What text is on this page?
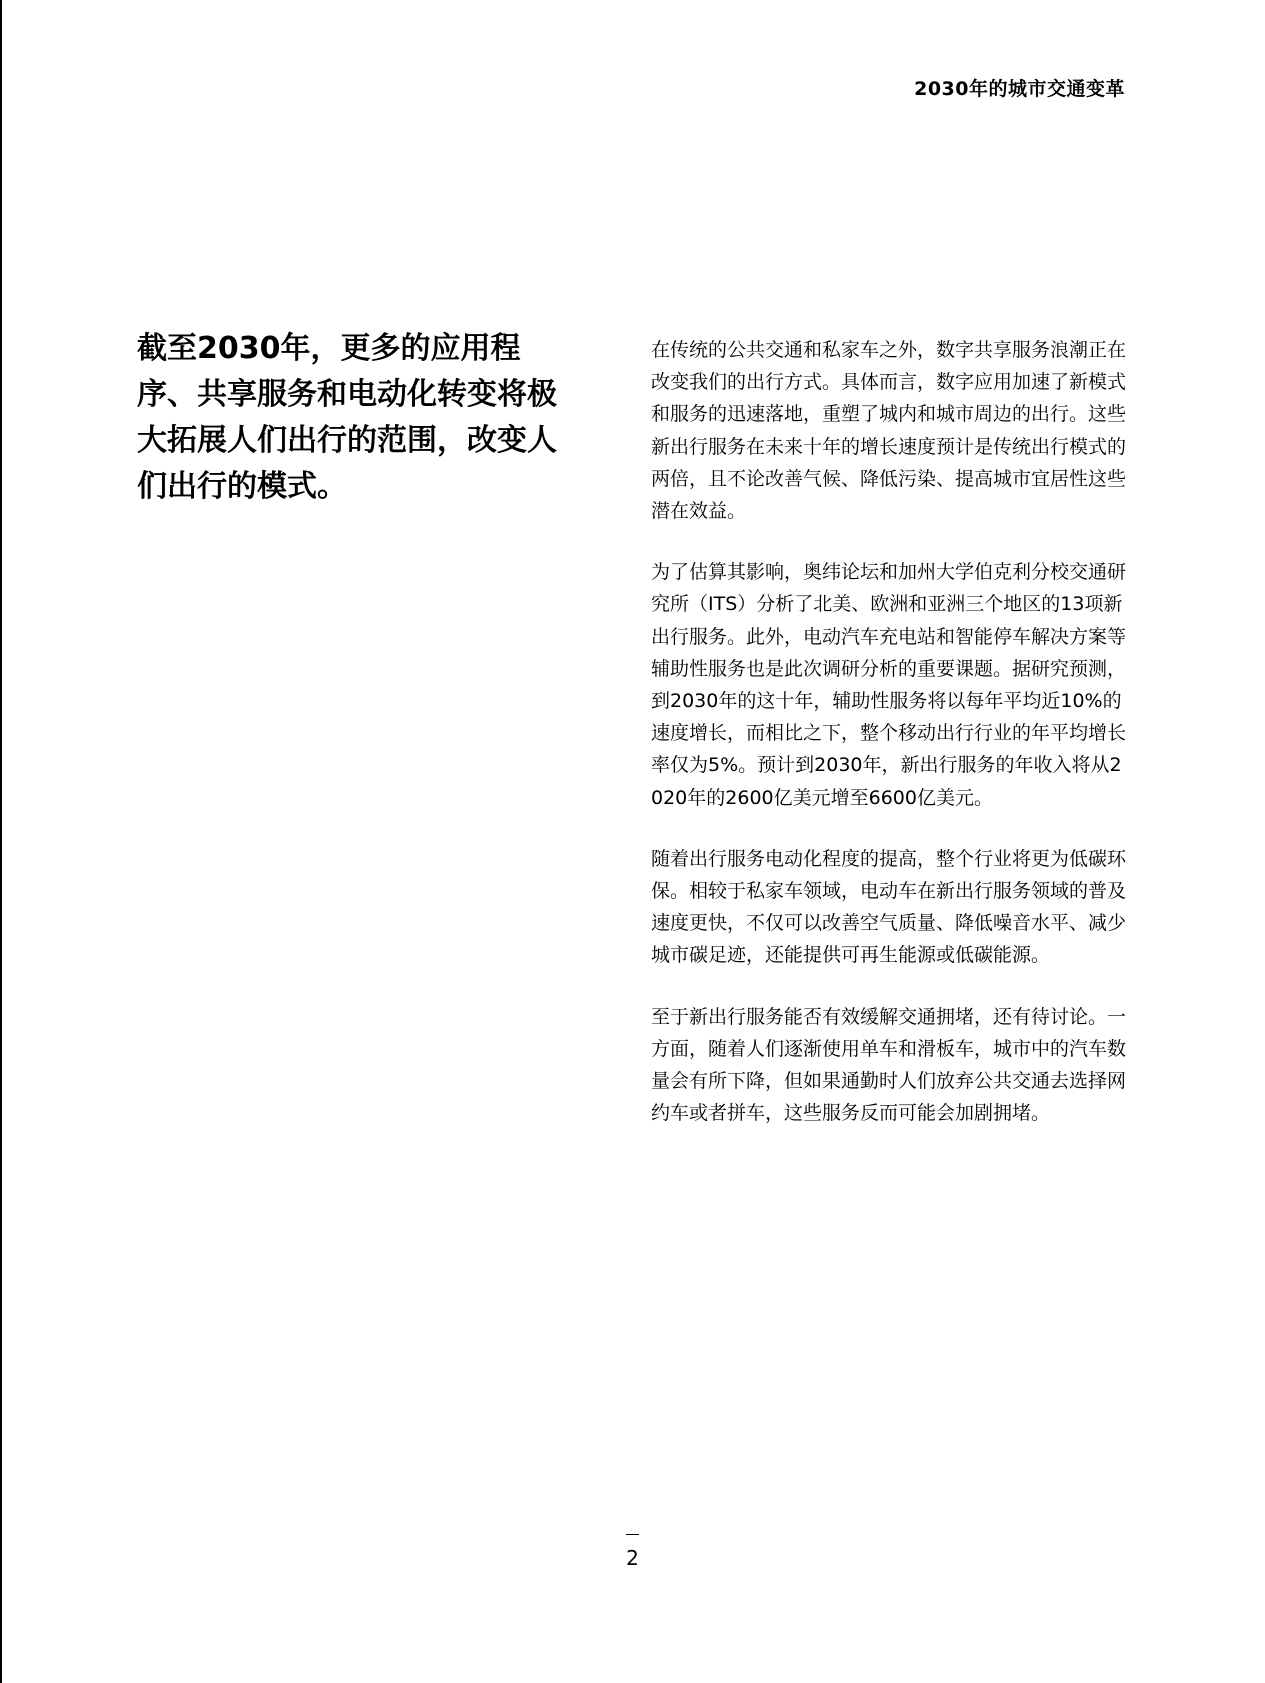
2030年的城市交通变革
截至2030年，更多的应用程序、共享服务和电动化转变将极大拓展人们出行的范围，改变人们出行的模式。

在传统的公共交通和私家车之外，数字共享服务浪潮正在改变我们的出行方式。具体而言，数字应用加速了新模式和服务的迅速落地，重塑了城内和城市周边的出行。这些新出行服务在未来十年的增长速度预计是传统出行模式的两倍，且不论改善气候、降低污染、提高城市宜居性这些潜在效益。

为了估算其影响，奥纬论坛和加州大学伯克利分校交通研究所（ITS）分析了北美、欧洲和亚洲三个地区的13项新出行服务。此外，电动汽车充电站和智能停车解决方案等辅助性服务也是此次调研分析的重要课题。据研究预测，到2030年的这十年，辅助性服务将以每年平均近10%的速度增长，而相比之下，整个移动出行行业的年平均增长率仅为5%。预计到2030年，新出行服务的年收入将从2020年的2600亿美元增至6600亿美元。

随着出行服务电动化程度的提高，整个行业将更为低碳环保。相较于私家车领域，电动车在新出行服务领域的普及速度更快，不仅可以改善空气质量、降低噪音水平、减少城市碳足迹，还能提供可再生能源或低碳能源。

至于新出行服务能否有效缓解交通拥堵，还有待讨论。一方面，随着人们逐渐使用单车和滑板车，城市中的汽车数量会有所下降，但如果通勤时人们放弃公共交通去选择网约车或者拼车，这些服务反而可能会加剧拥堵。

2
